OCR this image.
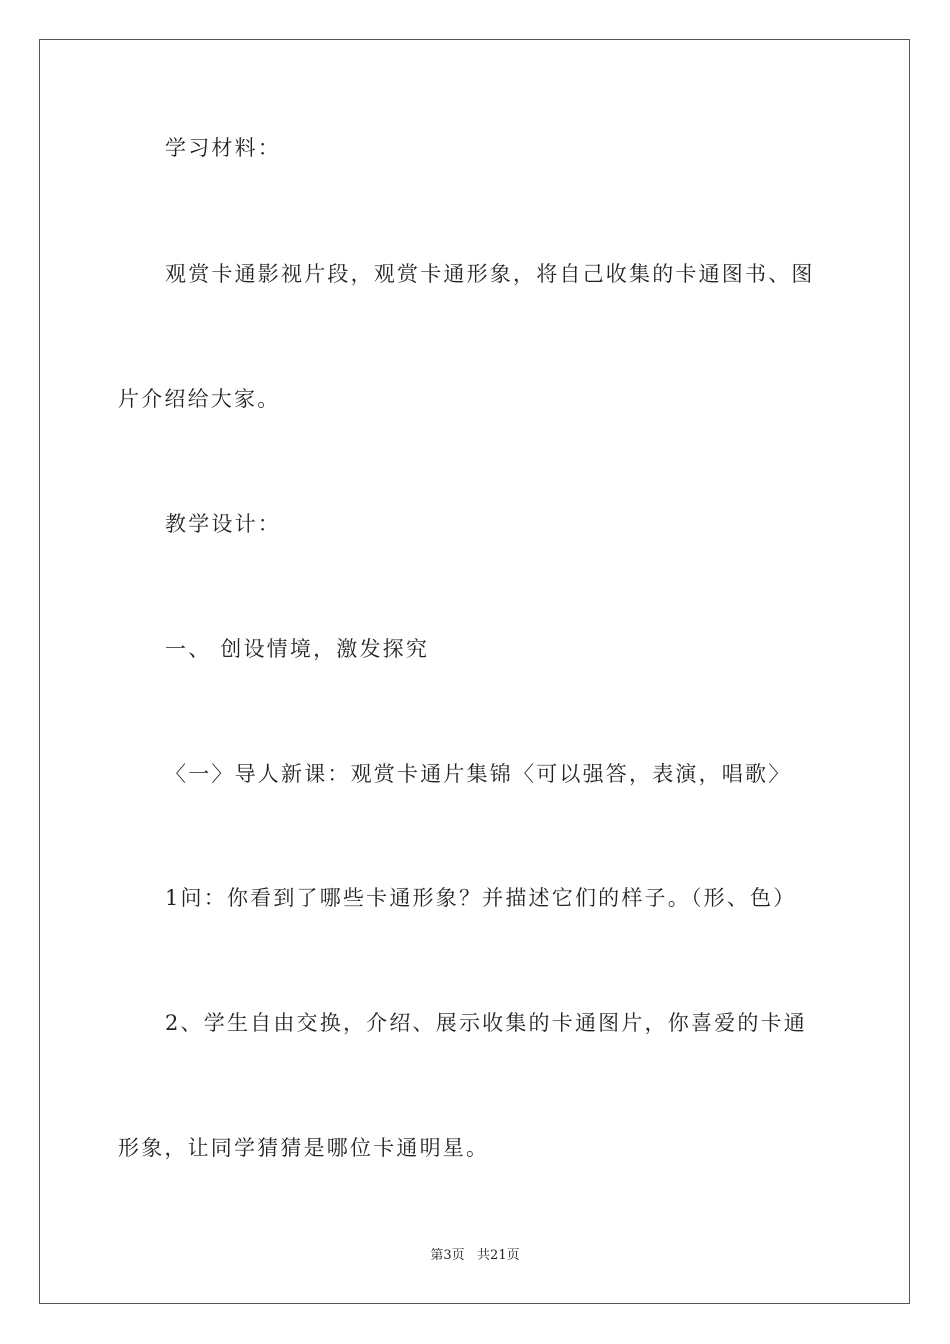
学习材料：
观赏卡通影视片段，观赏卡通形象，将自己收集的卡通图书、图
片介绍给大家。
教学设计：
一、 创设情境，激发探究
〈一〉导人新课：观赏卡通片集锦〈可以强答，表演，唱歌〉
1问：你看到了哪些卡通形象？并描述它们的样子。（形、色）
2、学生自由交换，介绍、展示收集的卡通图片，你喜爱的卡通
形象，让同学猜猜是哪位卡通明星。
第3页   共21页
